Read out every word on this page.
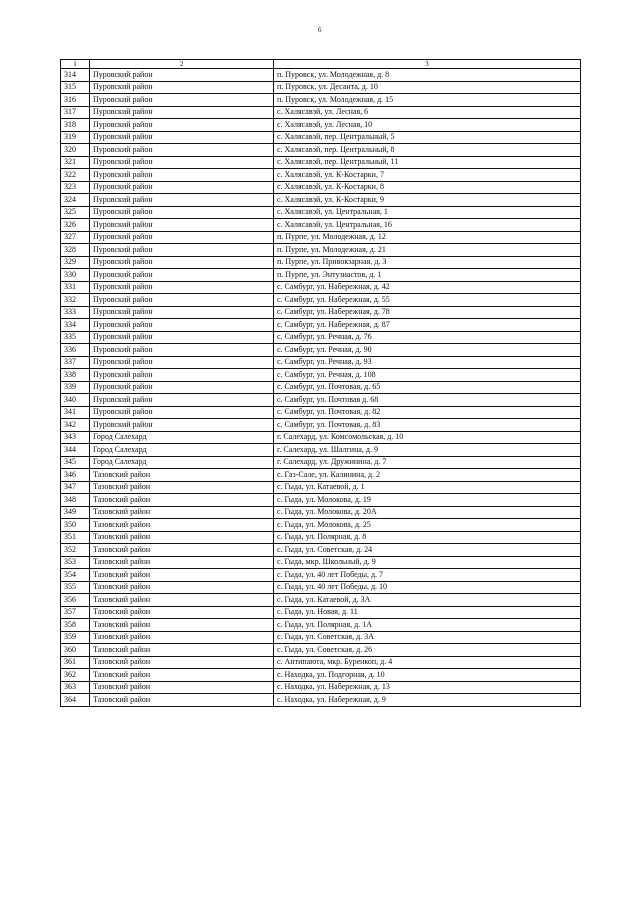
6
1	2	3
314	Пуровский район	п. Пуровск, ул. Молодежная, д. 8
315	Пуровский район	п. Пуровск, ул. Десанта, д. 10
316	Пуровский район	п. Пуровск, ул. Молодежная, д. 15
317	Пуровский район	с. Халясавэй, ул. Лесная, 6
318	Пуровский район	с. Халясавэй, ул. Лесная, 10
319	Пуровский район	с. Халясавэй, пер. Центральный, 5
320	Пуровский район	с. Халясавэй, пер. Центральный, 8
321	Пуровский район	с. Халясавэй, пер. Центральный, 11
322	Пуровский район	с. Халясавэй, ул. К-Костарки, 7
323	Пуровский район	с. Халясавэй, ул. К-Костарки, 8
324	Пуровский район	с. Халясавэй, ул. К-Костарки, 9
325	Пуровский район	с. Халясавэй, ул. Центральная, 1
326	Пуровский район	с. Халясавэй, ул. Центральная, 16
327	Пуровский район	п. Пурпе, ул. Молодежная, д. 12
328	Пуровский район	п. Пурпе, ул. Молодежная, д. 21
329	Пуровский район	п. Пурпе, ул. Привокзарная, д. 3
330	Пуровский район	п. Пурпе, ул. Энтузиастов, д. 1
331	Пуровский район	с. Самбург, ул. Набережная, д. 42
332	Пуровский район	с. Самбург, ул. Набережная, д. 55
333	Пуровский район	с. Самбург, ул. Набережная, д. 78
334	Пуровский район	с. Самбург, ул. Набережная, д. 87
335	Пуровский район	с. Самбург, ул. Речная, д. 76
336	Пуровский район	с. Самбург, ул. Речная, д. 90
337	Пуровский район	с. Самбург, ул. Речная, д. 93
338	Пуровский район	с. Самбург, ул. Речная, д. 108
339	Пуровский район	с. Самбург, ул. Почтовая, д. 65
340	Пуровский район	с. Самбург, ул. Почтовая д. 68
341	Пуровский район	с. Самбург, ул. Почтовая, д. 82
342	Пуровский район	с. Самбург, ул. Почтовая, д. 83
343	Город Салехард	г. Салехард, ул. Комсомольская, д. 10
344	Город Салехард	г. Салехард, ул. Шалгина, д. 9
345	Город Салехард	г. Салехард, ул. Дружинина, д. 7
346	Тазовский район	с. Газ-Сале, ул. Калинина, д. 2
347	Тазовский район	с. Гыда, ул. Катаевой, д. 1
348	Тазовский район	с. Гыда, ул. Молокова, д. 19
349	Тазовский район	с. Гыда, ул. Молокова, д. 20А
350	Тазовский район	с. Гыда, ул. Молокова, д. 25
351	Тазовский район	с. Гыда, ул. Полярная, д. 8
352	Тазовский район	с. Гыда, ул. Советская, д. 24
353	Тазовский район	с. Гыда, мкр. Школьный, д. 9
354	Тазовский район	с. Гыда, ул. 40 лет Победы, д. 7
355	Тазовский район	с. Гыда, ул. 40 лет Победы, д. 10
356	Тазовский район	с. Гыда, ул. Катаевой, д. 3А
357	Тазовский район	с. Гыда, ул. Новая, д. 11
358	Тазовский район	с. Гыда, ул. Полярная, д. 1А
359	Тазовский район	с. Гыда, ул. Советская, д. 3А
360	Тазовский район	с. Гыда, ул. Советская, д. 26
361	Тазовский район	с. Антипаюта, мкр. Буренкоп, д. 4
362	Тазовский район	с. Находка, ул. Подгорная, д. 10
363	Тазовский район	с. Находка, ул. Набережная, д. 13
364	Тазовский район	с. Находка, ул. Набережная, д. 9
